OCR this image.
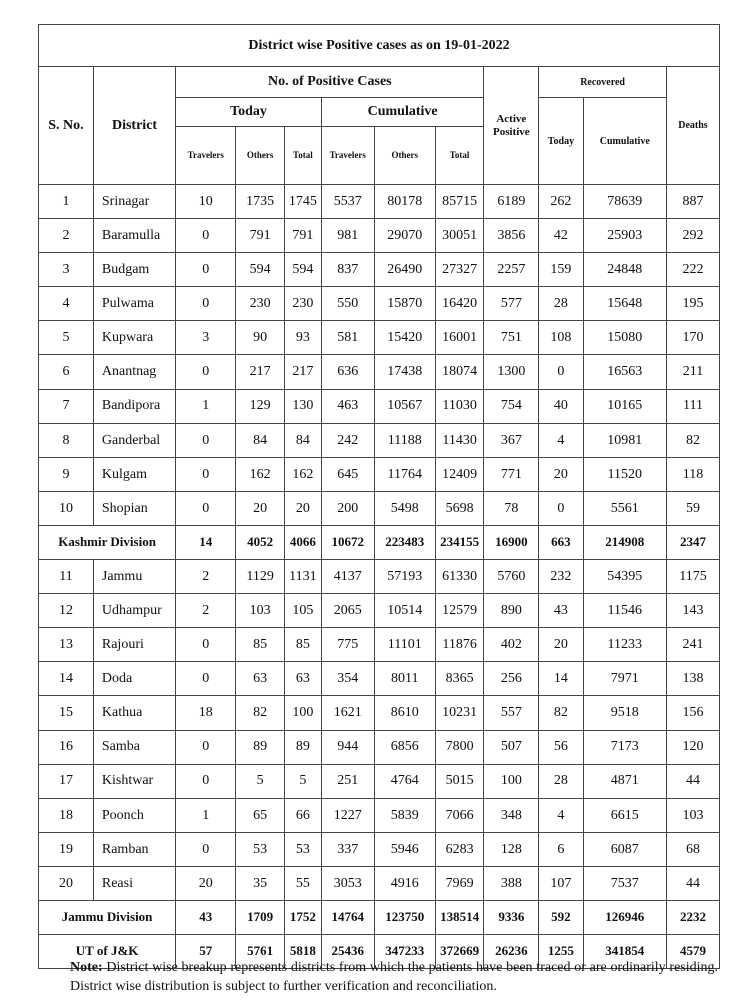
District wise Positive cases as on 19-01-2022											
S. No.	District	No. of Positive Cases						Active Positive	Recovered		Deaths
		Today			Cumulative				Today	Cumulative	
		Travelers	Others	Total	Travelers	Others	Total				
1	Srinagar	10	1735	1745	5537	80178	85715	6189	262	78639	887
2	Baramulla	0	791	791	981	29070	30051	3856	42	25903	292
3	Budgam	0	594	594	837	26490	27327	2257	159	24848	222
4	Pulwama	0	230	230	550	15870	16420	577	28	15648	195
5	Kupwara	3	90	93	581	15420	16001	751	108	15080	170
6	Anantnag	0	217	217	636	17438	18074	1300	0	16563	211
7	Bandipora	1	129	130	463	10567	11030	754	40	10165	111
8	Ganderbal	0	84	84	242	11188	11430	367	4	10981	82
9	Kulgam	0	162	162	645	11764	12409	771	20	11520	118
10	Shopian	0	20	20	200	5498	5698	78	0	5561	59
Kashmir Division		14	4052	4066	10672	223483	234155	16900	663	214908	2347
11	Jammu	2	1129	1131	4137	57193	61330	5760	232	54395	1175
12	Udhampur	2	103	105	2065	10514	12579	890	43	11546	143
13	Rajouri	0	85	85	775	11101	11876	402	20	11233	241
14	Doda	0	63	63	354	8011	8365	256	14	7971	138
15	Kathua	18	82	100	1621	8610	10231	557	82	9518	156
16	Samba	0	89	89	944	6856	7800	507	56	7173	120
17	Kishtwar	0	5	5	251	4764	5015	100	28	4871	44
18	Poonch	1	65	66	1227	5839	7066	348	4	6615	103
19	Ramban	0	53	53	337	5946	6283	128	6	6087	68
20	Reasi	20	35	55	3053	4916	7969	388	107	7537	44
Jammu Division		43	1709	1752	14764	123750	138514	9336	592	126946	2232
UT of J&K		57	5761	5818	25436	347233	372669	26236	1255	341854	4579
Note: District wise breakup represents districts from which the patients have been traced or are ordinarily residing. District wise distribution is subject to further verification and reconciliation.
